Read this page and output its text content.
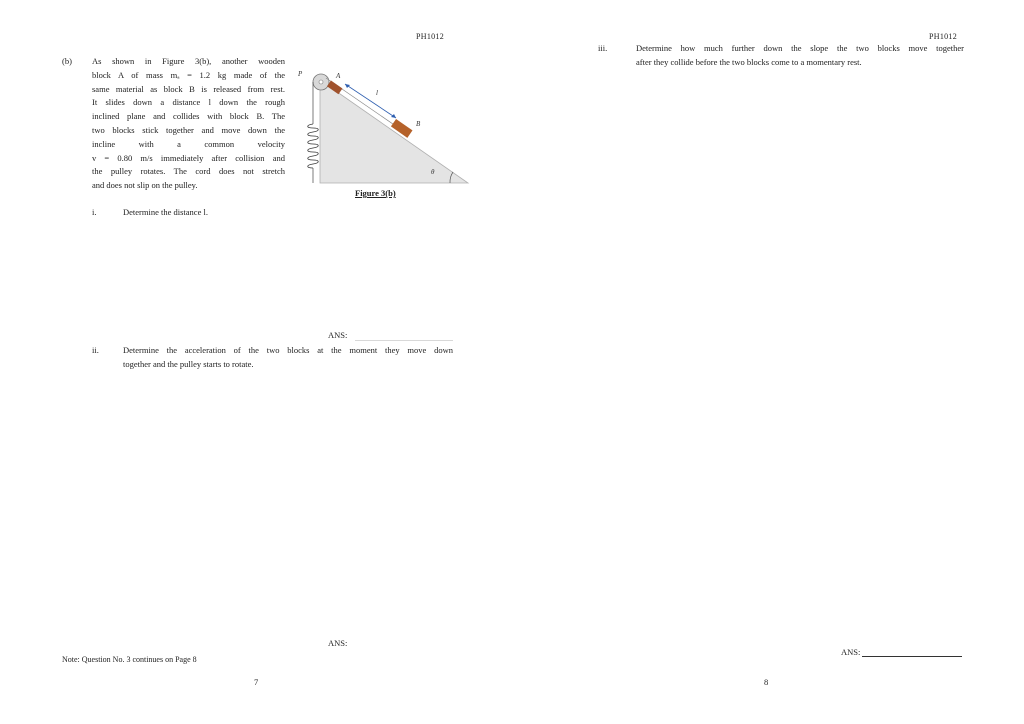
PH1012
(b) As shown in Figure 3(b), another wooden
block A of mass mₐ = 1.2 kg made of the
same material as block B is released from rest.
It slides down a distance l down the rough
inclined plane and collides with block B. The
two blocks stick together and move down the
incline with a common velocity
v = 0.80 m/s immediately after collision and
the pulley rotates. The cord does not stretch
and does not slip on the pulley.
P	A
l
B
θ
Figure 3(b)
i.	Determine the distance l.
ANS:
ii.	Determine the acceleration of the two blocks at the moment they move down
together and the pulley starts to rotate.
ANS:
Note: Question No. 3 continues on Page 8
7
PH1012
iii.	Determine how much further down the slope the two blocks move together
after they collide before the two blocks come to a momentary rest.
ANS:
8
